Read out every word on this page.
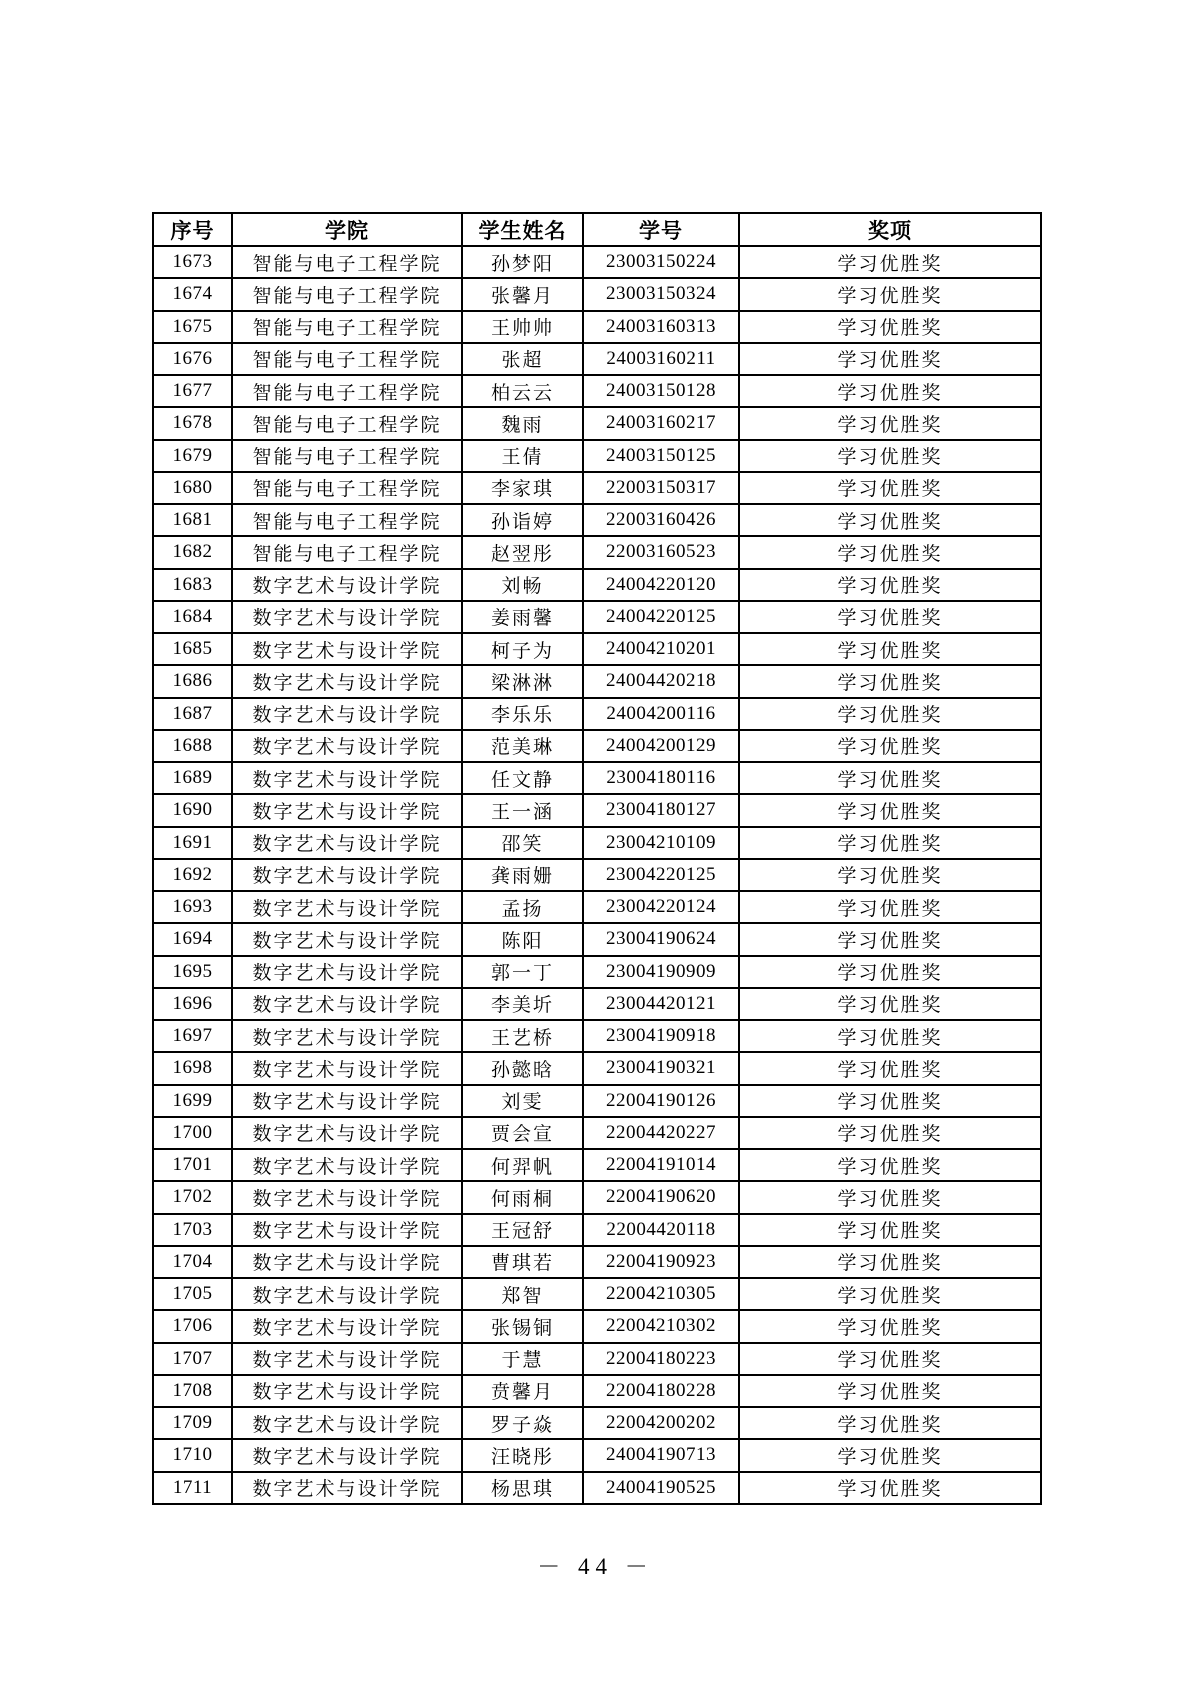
序号	学院	学生姓名	学号	奖项
1673	智能与电子工程学院	孙梦阳	23003150224	学习优胜奖
1674	智能与电子工程学院	张馨月	23003150324	学习优胜奖
1675	智能与电子工程学院	王帅帅	24003160313	学习优胜奖
1676	智能与电子工程学院	张超	24003160211	学习优胜奖
1677	智能与电子工程学院	柏云云	24003150128	学习优胜奖
1678	智能与电子工程学院	魏雨	24003160217	学习优胜奖
1679	智能与电子工程学院	王倩	24003150125	学习优胜奖
1680	智能与电子工程学院	李家琪	22003150317	学习优胜奖
1681	智能与电子工程学院	孙诣婷	22003160426	学习优胜奖
1682	智能与电子工程学院	赵翌彤	22003160523	学习优胜奖
1683	数字艺术与设计学院	刘畅	24004220120	学习优胜奖
1684	数字艺术与设计学院	姜雨馨	24004220125	学习优胜奖
1685	数字艺术与设计学院	柯子为	24004210201	学习优胜奖
1686	数字艺术与设计学院	梁淋淋	24004420218	学习优胜奖
1687	数字艺术与设计学院	李乐乐	24004200116	学习优胜奖
1688	数字艺术与设计学院	范美琳	24004200129	学习优胜奖
1689	数字艺术与设计学院	任文静	23004180116	学习优胜奖
1690	数字艺术与设计学院	王一涵	23004180127	学习优胜奖
1691	数字艺术与设计学院	邵笑	23004210109	学习优胜奖
1692	数字艺术与设计学院	龚雨姗	23004220125	学习优胜奖
1693	数字艺术与设计学院	孟扬	23004220124	学习优胜奖
1694	数字艺术与设计学院	陈阳	23004190624	学习优胜奖
1695	数字艺术与设计学院	郭一丁	23004190909	学习优胜奖
1696	数字艺术与设计学院	李美圻	23004420121	学习优胜奖
1697	数字艺术与设计学院	王艺桥	23004190918	学习优胜奖
1698	数字艺术与设计学院	孙懿晗	23004190321	学习优胜奖
1699	数字艺术与设计学院	刘雯	22004190126	学习优胜奖
1700	数字艺术与设计学院	贾会宣	22004420227	学习优胜奖
1701	数字艺术与设计学院	何羿帆	22004191014	学习优胜奖
1702	数字艺术与设计学院	何雨桐	22004190620	学习优胜奖
1703	数字艺术与设计学院	王冠舒	22004420118	学习优胜奖
1704	数字艺术与设计学院	曹琪若	22004190923	学习优胜奖
1705	数字艺术与设计学院	郑智	22004210305	学习优胜奖
1706	数字艺术与设计学院	张锡铜	22004210302	学习优胜奖
1707	数字艺术与设计学院	于慧	22004180223	学习优胜奖
1708	数字艺术与设计学院	贲馨月	22004180228	学习优胜奖
1709	数字艺术与设计学院	罗子焱	22004200202	学习优胜奖
1710	数字艺术与设计学院	汪晓彤	24004190713	学习优胜奖
1711	数字艺术与设计学院	杨思琪	24004190525	学习优胜奖
－ 44 －
